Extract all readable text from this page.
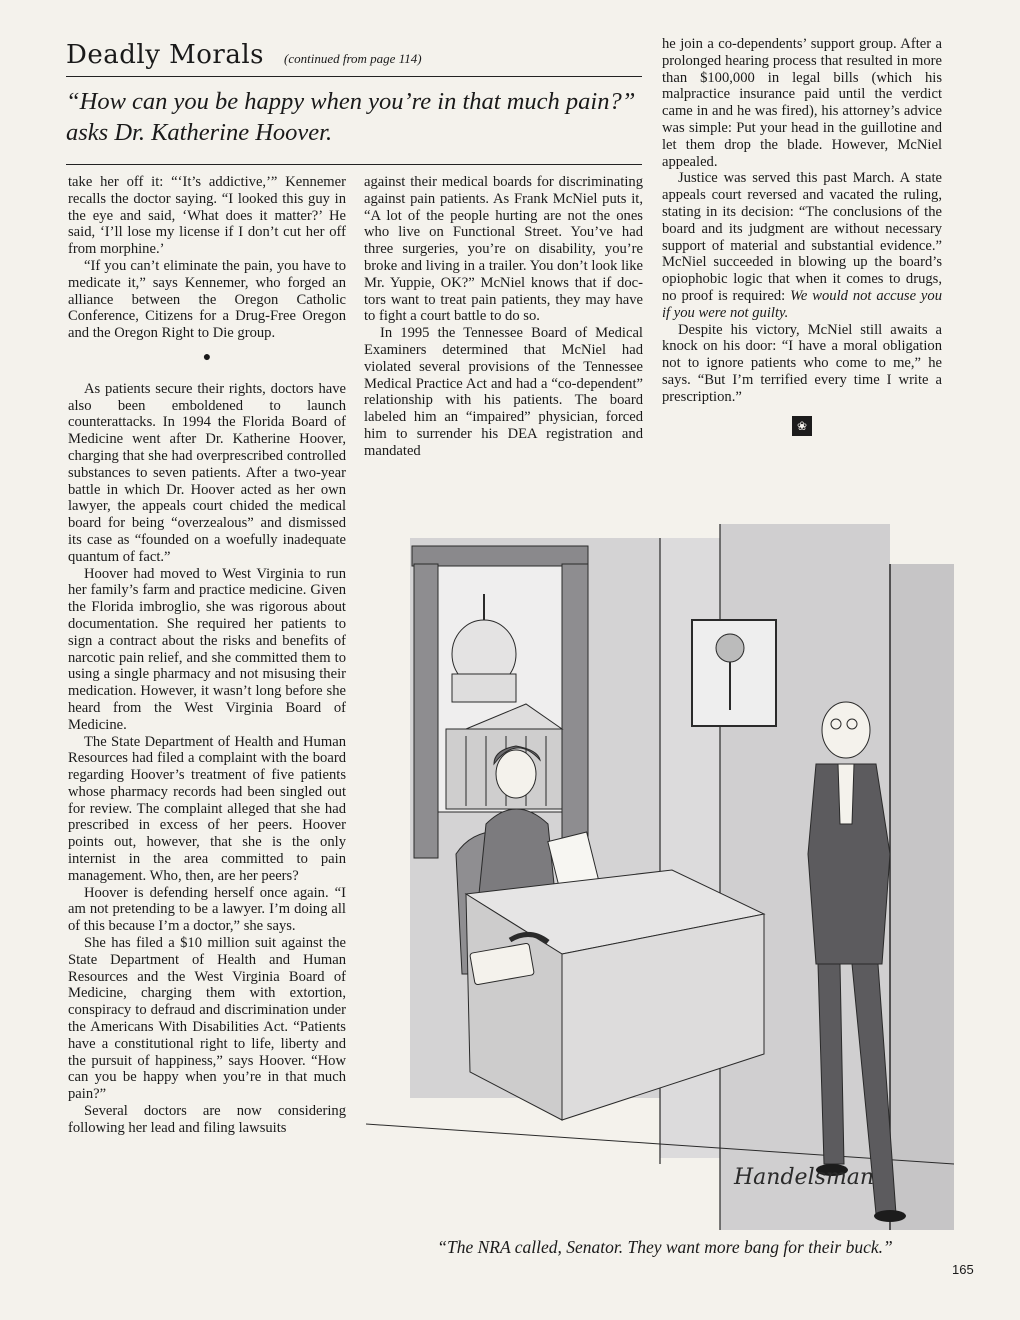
Deadly Morals (continued from page 114)
“How can you be happy when you’re in that much pain?” asks Dr. Katherine Hoover.

take her off it: “‘It’s addictive,’” Kennemer recalls the doctor saying. “I looked this guy in the eye and said, ‘What does it matter?’ He said, ‘I’ll lose my license if I don’t cut her off from morphine.’

“If you can’t eliminate the pain, you have to medicate it,” says Kennemer, who forged an alliance between the Oregon Catholic Conference, Citizens for a Drug-Free Oregon and the Oregon Right to Die group.

●

As patients secure their rights, doctors have also been emboldened to launch counterattacks. In 1994 the Florida Board of Medicine went after Dr. Katherine Hoover, charging that she had overprescribed controlled substances to seven patients. After a two-year battle in which Dr. Hoover acted as her own lawyer, the appeals court chided the medical board for being “overzealous” and dismissed its case as “founded on a woefully inadequate quantum of fact.”

Hoover had moved to West Virginia to run her family’s farm and practice medicine. Given the Florida imbroglio, she was rigorous about documentation. She required her patients to sign a contract about the risks and benefits of narcotic pain relief, and she committed them to using a single pharmacy and not misusing their medication. However, it wasn’t long before she heard from the West Virginia Board of Medicine.

The State Department of Health and Human Resources had filed a complaint with the board regarding Hoover’s treatment of five patients whose pharmacy records had been singled out for review. The complaint alleged that she had prescribed in excess of her peers. Hoover points out, however, that she is the only internist in the area committed to pain management. Who, then, are her peers?

Hoover is defending herself once again. “I am not pretending to be a lawyer. I’m doing all of this because I’m a doctor,” she says.

She has filed a $10 million suit against the State Department of Health and Human Resources and the West Virginia Board of Medicine, charging them with extortion, conspiracy to defraud and discrimination under the Americans With Disabilities Act. “Patients have a constitutional right to life, liberty and the pursuit of happiness,” says Hoover. “How can you be happy when you’re in that much pain?”

Several doctors are now considering following her lead and filing lawsuits

against their medical boards for discriminating against pain patients. As Frank McNiel puts it, “A lot of the people hurting are not the ones who live on Functional Street. You’ve had three surgeries, you’re on disability, you’re broke and living in a trailer. You don’t look like Mr. Yuppie, OK?” McNiel knows that if doctors want to treat pain patients, they may have to fight a court battle to do so.

In 1995 the Tennessee Board of Medical Examiners determined that McNiel had violated several provisions of the Tennessee Medical Practice Act and had a “co-dependent” relationship with his patients. The board labeled him an “impaired” physician, forced him to surrender his DEA registration and mandated

he join a co-dependents’ support group. After a prolonged hearing process that resulted in more than $100,000 in legal bills (which his malpractice insurance paid until the verdict came in and he was fired), his attorney’s advice was simple: Put your head in the guillotine and let them drop the blade. However, McNiel appealed.

Justice was served this past March. A state appeals court reversed and vacated the ruling, stating in its decision: “The conclusions of the board and its judgment are without necessary support of material and substantial evidence.” McNiel succeeded in blowing up the board’s opiophobic logic that when it comes to drugs, no proof is required: We would not accuse you if you were not guilty.

Despite his victory, McNiel still awaits a knock on his door: “I have a moral obligation not to ignore patients who come to me,” he says. “But I’m terrified every time I write a prescription.”

❀
Handelsman
“The NRA called, Senator. They want more bang for their buck.”
165
